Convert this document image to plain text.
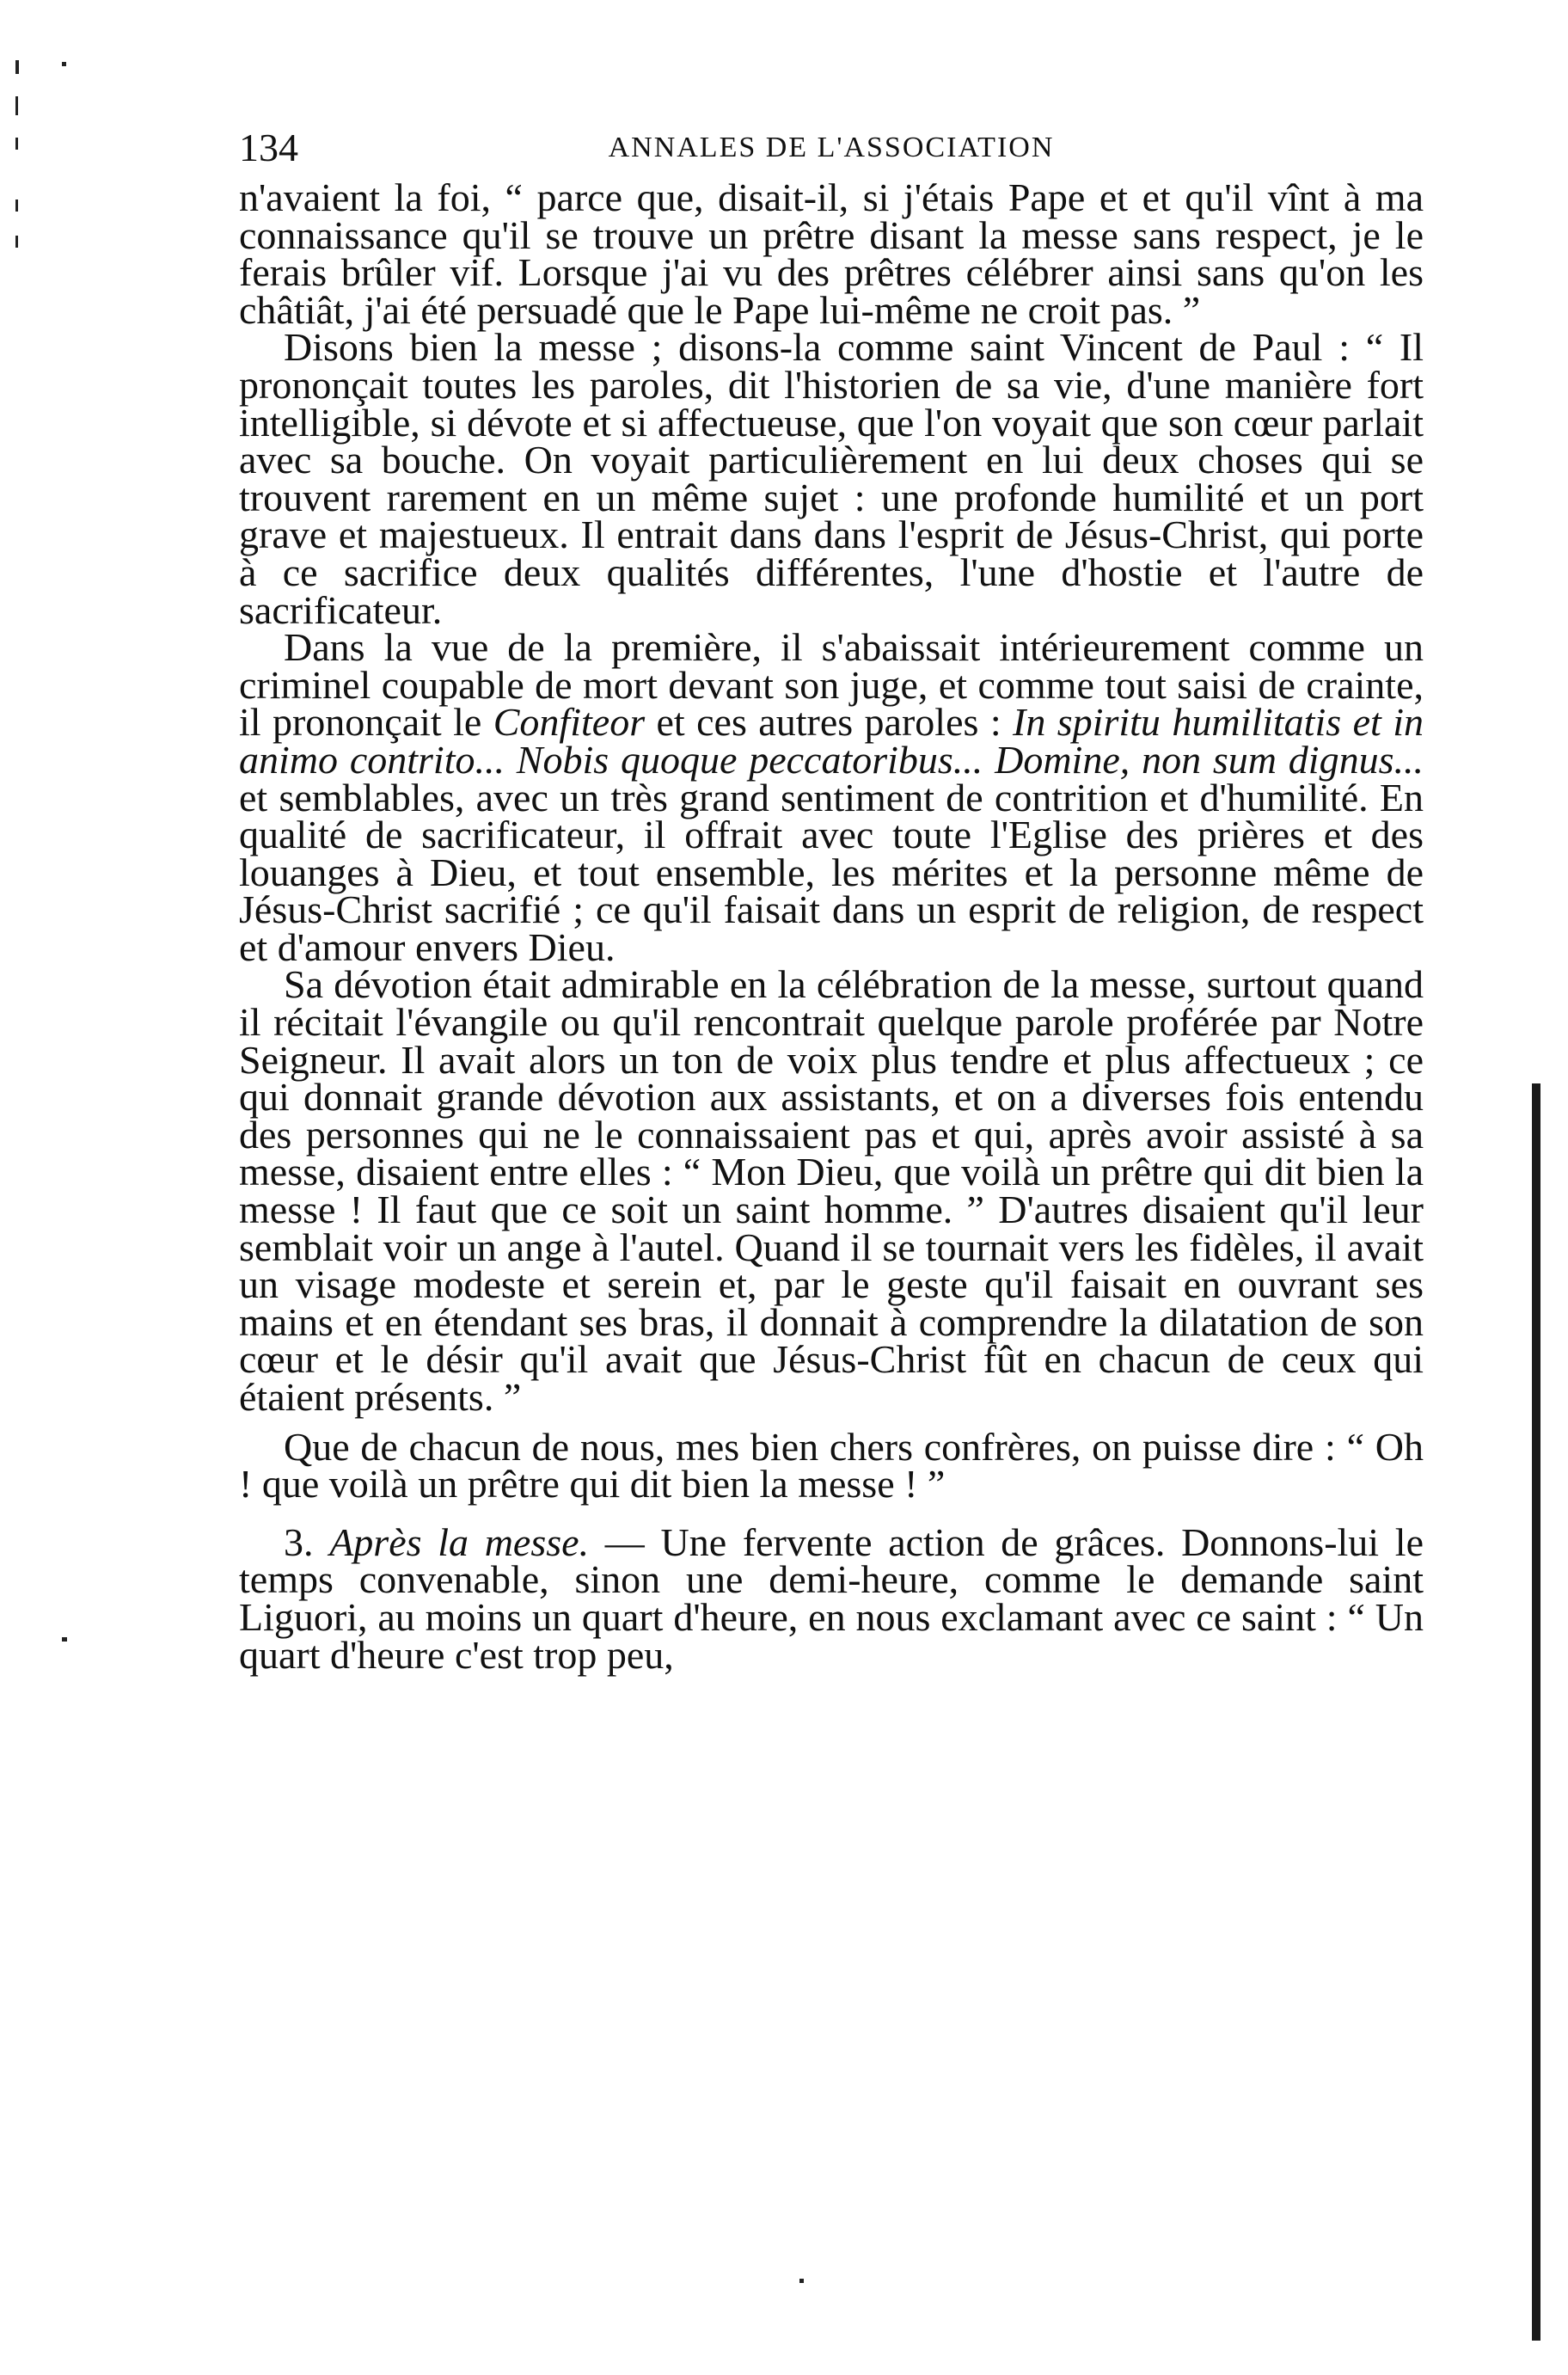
134	ANNALES DE L'ASSOCIATION

n'avaient la foi, “ parce que, disait-il, si j'étais Pape et et qu'il vînt à ma connaissance qu'il se trouve un prêtre disant la messe sans respect, je le ferais brûler vif. Lorsque j'ai vu des prêtres célébrer ainsi sans qu'on les châtiât, j'ai été persuadé que le Pape lui-même ne croit pas. ”

Disons bien la messe ; disons-la comme saint Vincent de Paul : “ Il prononçait toutes les paroles, dit l'historien de sa vie, d'une manière fort intelligible, si dévote et si affectueuse, que l'on voyait que son cœur parlait avec sa bouche. On voyait particulièrement en lui deux choses qui se trouvent rarement en un même sujet : une profonde humilité et un port grave et majestueux. Il entrait dans dans l'esprit de Jésus-Christ, qui porte à ce sacrifice deux qualités différentes, l'une d'hostie et l'autre de sacrificateur.

Dans la vue de la première, il s'abaissait intérieurement comme un criminel coupable de mort devant son juge, et comme tout saisi de crainte, il prononçait le Confiteor et ces autres paroles : In spiritu humilitatis et in animo contrito... Nobis quoque peccatoribus... Domine, non sum dignus... et semblables, avec un très grand sentiment de contrition et d'humilité. En qualité de sacrificateur, il offrait avec toute l'Eglise des prières et des louanges à Dieu, et tout ensemble, les mérites et la personne même de Jésus-Christ sacrifié ; ce qu'il faisait dans un esprit de religion, de respect et d'amour envers Dieu.

Sa dévotion était admirable en la célébration de la messe, surtout quand il récitait l'évangile ou qu'il rencontrait quelque parole proférée par Notre Seigneur. Il avait alors un ton de voix plus tendre et plus affectueux ; ce qui donnait grande dévotion aux assistants, et on a diverses fois entendu des personnes qui ne le connaissaient pas et qui, après avoir assisté à sa messe, disaient entre elles : “ Mon Dieu, que voilà un prêtre qui dit bien la messe ! Il faut que ce soit un saint homme. ” D'autres disaient qu'il leur semblait voir un ange à l'autel. Quand il se tournait vers les fidèles, il avait un visage modeste et serein et, par le geste qu'il faisait en ouvrant ses mains et en étendant ses bras, il donnait à comprendre la dilatation de son cœur et le désir qu'il avait que Jésus-Christ fût en chacun de ceux qui étaient présents. ”

Que de chacun de nous, mes bien chers confrères, on puisse dire : “ Oh ! que voilà un prêtre qui dit bien la messe ! ”

3. Après la messe. — Une fervente action de grâces. Donnons-lui le temps convenable, sinon une demi-heure, comme le demande saint Liguori, au moins un quart d'heure, en nous exclamant avec ce saint : “ Un quart d'heure c'est trop peu,
